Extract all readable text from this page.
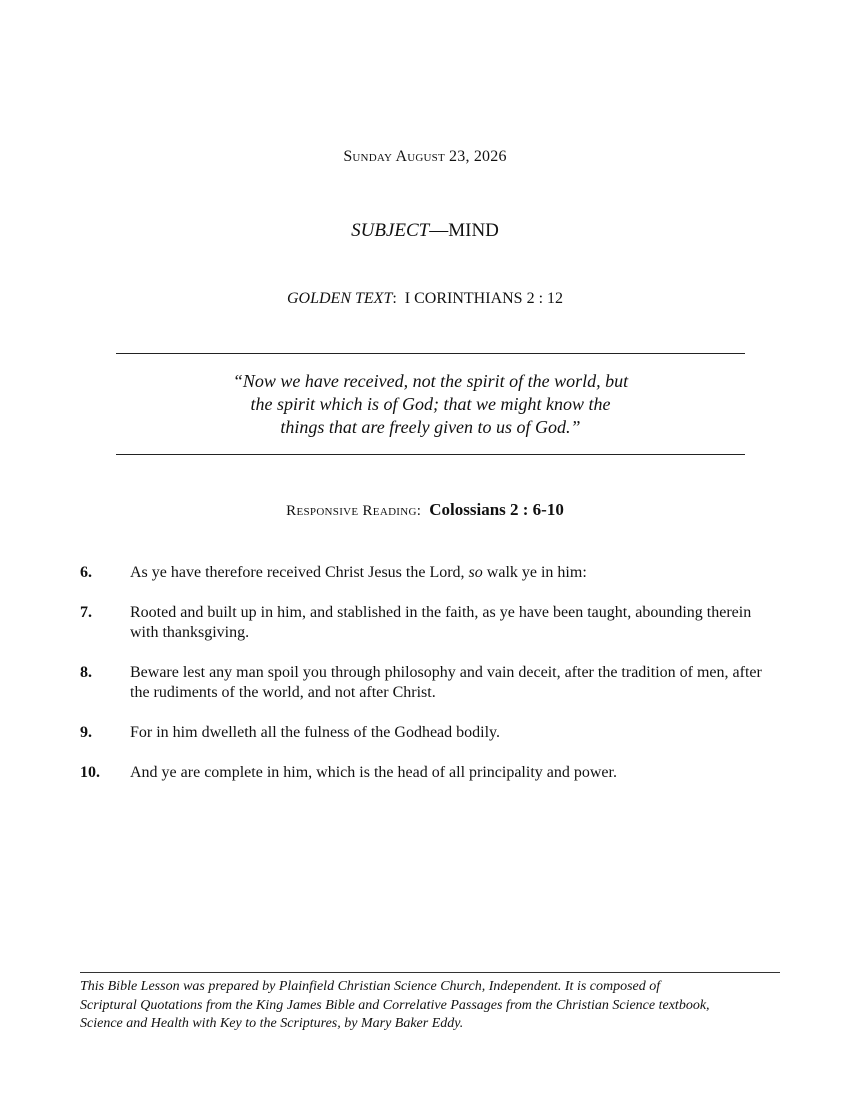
Sunday August 23, 2026
SUBJECT—MIND
GOLDEN TEXT: I CORINTHIANS 2 : 12
“Now we have received, not the spirit of the world, but
the spirit which is of God; that we might know the
things that are freely given to us of God.”
Responsive Reading: Colossians 2 : 6-10
6. As ye have therefore received Christ Jesus the Lord, so walk ye in him:
7. Rooted and built up in him, and stablished in the faith, as ye have been taught, abounding therein with thanksgiving.
8. Beware lest any man spoil you through philosophy and vain deceit, after the tradition of men, after the rudiments of the world, and not after Christ.
9. For in him dwelleth all the fulness of the Godhead bodily.
10. And ye are complete in him, which is the head of all principality and power.
This Bible Lesson was prepared by Plainfield Christian Science Church, Independent. It is composed of
Scriptural Quotations from the King James Bible and Correlative Passages from the Christian Science textbook,
Science and Health with Key to the Scriptures, by Mary Baker Eddy.
